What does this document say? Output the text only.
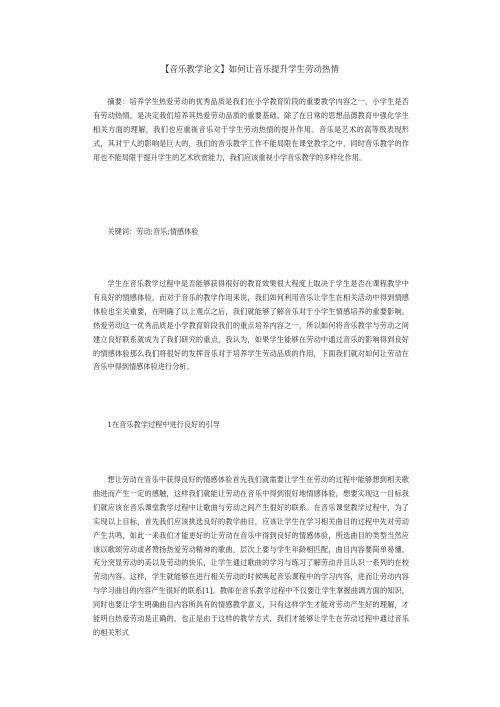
【音乐教学论文】如何让音乐提升学生劳动热情
摘要：培养学生热爱劳动的优秀品质是我们在小学教育阶段的重要教学内容之一，小学生是否有劳动热情，是决定我们培养其热爱劳动品质的重要基础。除了在日常的思想品德教育中强化学生相关方面的理解，我们也应重视音乐对于学生劳动热情的提升作用。音乐是艺术的高等级表现形式，其对于人的影响是巨大的，我们的音乐教学工作不能局限在课堂教学之中，同时音乐教学的作用也不能局限于提升学生的艺术欣赏能力，我们应该重视小学音乐教学的多样化作用。
关键词：劳动;音乐;情感体验
学生在音乐教学过程中是否能够获得很好的教育效果很大程度上取决于学生是否在课程教学中有良好的情感体验，而对于音乐的教学作用来说，我们如何利用音乐让学生在相关活动中得到情感体验也至关重要，在明确了以上观点之后，我们就能够了解音乐对于小学生情感培养的重要影响。热爱劳动这一优秀品质是小学教育阶段我们的重点培养内容之一，所以如何将音乐教学与劳动之间建立良好联系就成为了我们研究的重点，我认为，如果学生能够在劳动中通过音乐的影响得到良好的情感体验那么我们将很好的发挥音乐对于培养学生劳动品质的作用，下面我们就对如何让劳动在音乐中得到情感体验进行分析。
1在音乐教学过程中进行良好的引导
想让劳动在音乐中获得良好的情感体验首先我们就需要让学生在劳动的过程中能够想到相关歌曲进而产生一定的感触，这样我们就能让劳动在音乐中得到很好地情感体验，想要实现这一目标我们就应该在音乐课堂教学过程中让歌曲与劳动之间产生很好的联系。在音乐课堂教学过程中，为了实现以上目标，首先我们应该挑选良好的教学曲目，应该让学生在学习相关曲目的过程中先对劳动产生共鸣，如此一来我们才能更好的让劳动在音乐中得到良好的情感体验，所选曲目的类型当然应该以歌颂劳动或者赞扬热爱劳动精神的歌曲，层次上要与学生年龄相匹配，曲目内容要简单易懂，充分突显劳动的美以及劳动的快乐，让学生通过歌曲的学习与练习了解劳动并且认识一系列的在校劳动内容。这样，学生就能够在进行相关劳动的时候唤起音乐课程中的学习内容，进而让劳动内容与学习曲目的内容产生很好的联系[1]。教师在音乐教学过程中不仅要让学生掌握曲调方面的知识，同时也要让学生明确曲目内容所具有的情感教学意义，只有这样学生才能对劳动产生好的理解，才能明白热爱劳动是正确的，也正是由于这样的教学方式，我们才能够让学生在劳动过程中通过音乐的相关形式
